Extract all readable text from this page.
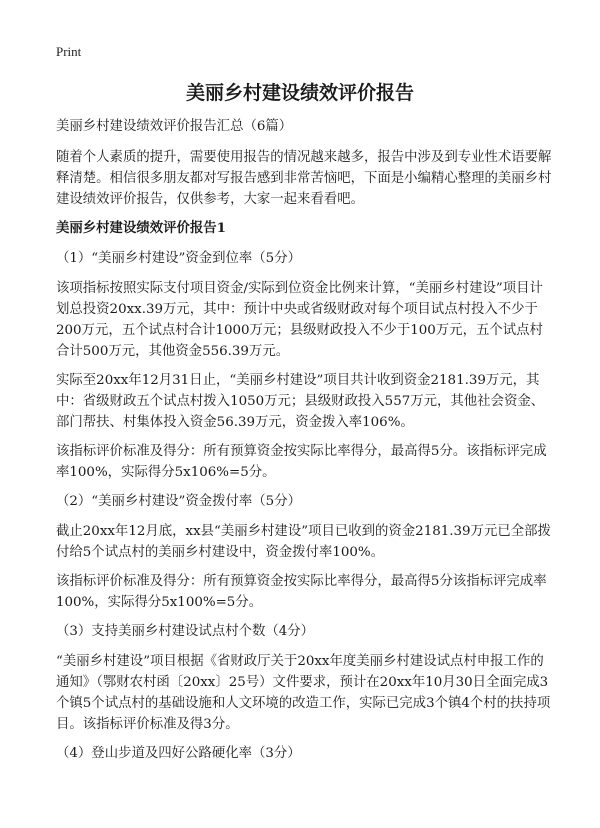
Print
美丽乡村建设绩效评价报告

美丽乡村建设绩效评价报告汇总（6篇）

随着个人素质的提升，需要使用报告的情况越来越多，报告中涉及到专业性术语要解释清楚。相信很多朋友都对写报告感到非常苦恼吧，下面是小编精心整理的美丽乡村建设绩效评价报告，仅供参考，大家一起来看看吧。

美丽乡村建设绩效评价报告1

（1）“美丽乡村建设”资金到位率（5分）

该项指标按照实际支付项目资金/实际到位资金比例来计算，“美丽乡村建设”项目计划总投资20xx.39万元，其中：预计中央或省级财政对每个项目试点村投入不少于200万元，五个试点村合计1000万元；县级财政投入不少于100万元，五个试点村合计500万元，其他资金556.39万元。

实际至20xx年12月31日止，“美丽乡村建设”项目共计收到资金2181.39万元，其中：省级财政五个试点村拨入1050万元；县级财政投入557万元，其他社会资金、部门帮扶、村集体投入资金56.39万元，资金拨入率106%。

该指标评价标准及得分：所有预算资金按实际比率得分，最高得5分。该指标评完成率100%，实际得分5x106%=5分。

（2）“美丽乡村建设”资金拨付率（5分）

截止20xx年12月底，xx县“美丽乡村建设”项目已收到的资金2181.39万元已全部拨付给5个试点村的美丽乡村建设中，资金拨付率100%。

该指标评价标准及得分：所有预算资金按实际比率得分，最高得5分该指标评完成率100%，实际得分5x100%=5分。

（3）支持美丽乡村建设试点村个数（4分）

“美丽乡村建设”项目根据《省财政厅关于20xx年度美丽乡村建设试点村申报工作的通知》（鄂财农村函〔20xx〕25号）文件要求，预计在20xx年10月30日全面完成3个镇5个试点村的基础设施和人文环境的改造工作，实际已完成3个镇4个村的扶持项目。该指标评价标准及得3分。

（4）登山步道及四好公路硬化率（3分）
